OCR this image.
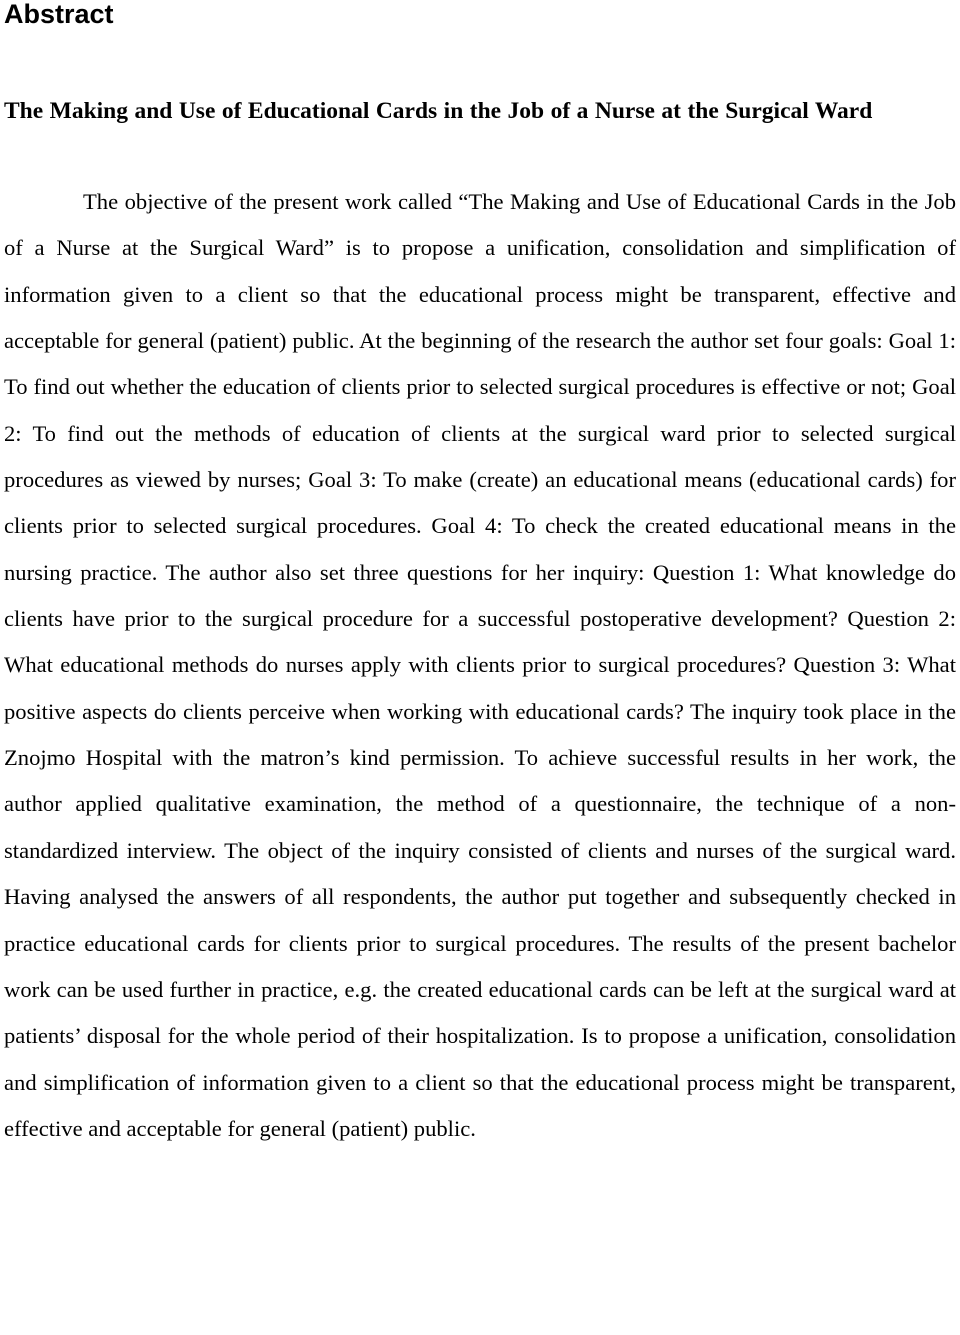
Abstract
The Making and Use of Educational Cards in the Job of a Nurse at the Surgical Ward

The objective of the present work called “The Making and Use of Educational Cards in the Job of a Nurse at the Surgical Ward” is to propose a unification, consolidation and simplification of information given to a client so that the educational process might be transparent, effective and acceptable for general (patient) public. At the beginning of the research the author set four goals: Goal 1: To find out whether the education of clients prior to selected surgical procedures is effective or not; Goal 2: To find out the methods of education of clients at the surgical ward prior to selected surgical procedures as viewed by nurses; Goal 3: To make (create) an educational means (educational cards) for clients prior to selected surgical procedures. Goal 4: To check the created educational means in the nursing practice. The author also set three questions for her inquiry: Question 1: What knowledge do clients have prior to the surgical procedure for a successful postoperative development? Question 2: What educational methods do nurses apply with clients prior to surgical procedures? Question 3: What positive aspects do clients perceive when working with educational cards? The inquiry took place in the Znojmo Hospital with the matron’s kind permission. To achieve successful results in her work, the author applied qualitative examination, the method of a questionnaire, the technique of a non-standardized interview. The object of the inquiry consisted of clients and nurses of the surgical ward. Having analysed the answers of all respondents, the author put together and subsequently checked in practice educational cards for clients prior to surgical procedures. The results of the present bachelor work can be used further in practice, e.g. the created educational cards can be left at the surgical ward at patients’ disposal for the whole period of their hospitalization. Is to propose a unification, consolidation and simplification of information given to a client so that the educational process might be transparent, effective and acceptable for general (patient) public.
